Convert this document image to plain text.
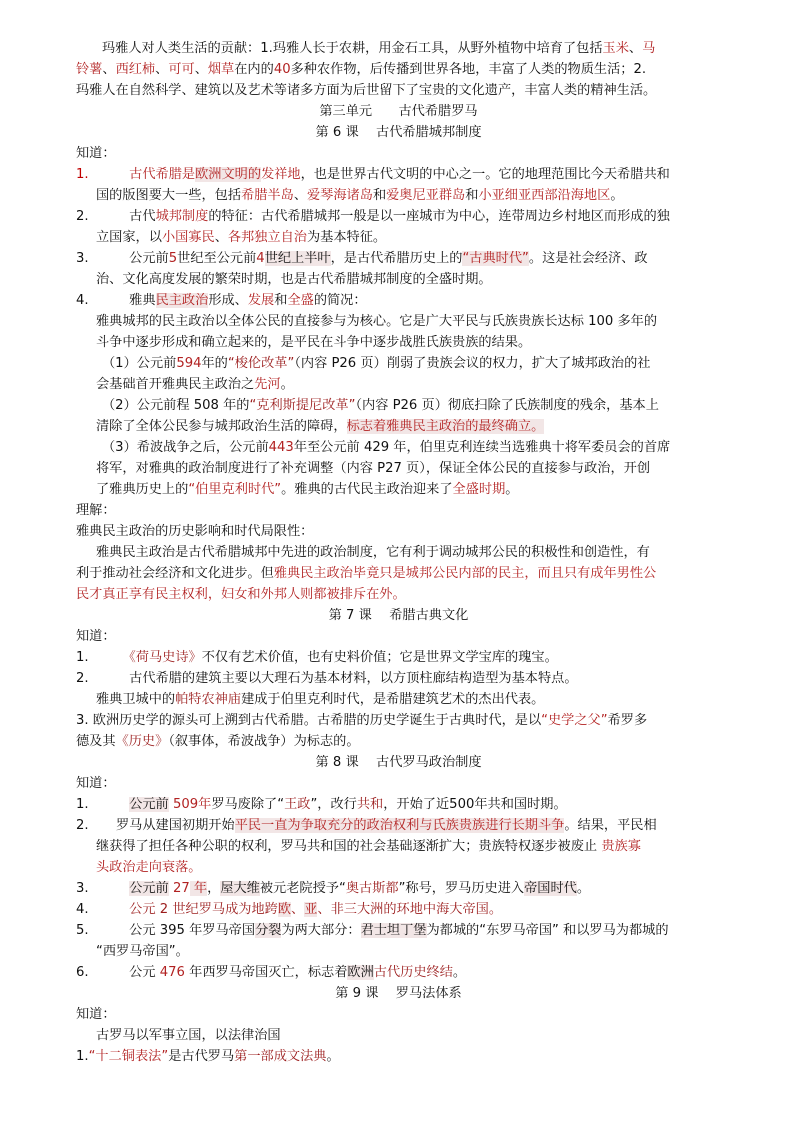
玛雅人对人类生活的贡献：1.玛雅人长于农耕，用金石工具，从野外植物中培育了包括玉米、马
铃薯、西红柿、可可、烟草在内的40多种农作物，后传播到世界各地，丰富了人类的物质生活；2.
玛雅人在自然科学、建筑以及艺术等诸多方面为后世留下了宝贵的文化遗产，丰富人类的精神生活。
第三单元　　古代希腊罗马
第 6 课　 古代希腊城邦制度
知道：
1.　古代希腊是欧洲文明的发祥地，也是世界古代文明的中心之一。它的地理范围比今天希腊共和
国的版图要大一些，包括希腊半岛、爱琴海诸岛和爱奥尼亚群岛和小亚细亚西部沿海地区。
2.　古代城邦制度的特征：古代希腊城邦一般是以一座城市为中心，连带周边乡村地区而形成的独
立国家，以小国寡民、各邦独立自治为基本特征。
3.　公元前5世纪至公元前4世纪上半叶，是古代希腊历史上的“古典时代”。这是社会经济、政
治、文化高度发展的繁荣时期，也是古代希腊城邦制度的全盛时期。
4.　雅典民主政治形成、发展和全盛的简况：
雅典城邦的民主政治以全体公民的直接参与为核心。它是广大平民与氏族贵族长达标 100 多年的
斗争中逐步形成和确立起来的，是平民在斗争中逐步战胜氏族贵族的结果。
（1）公元前594年的“梭伦改革”（内容 P26 页）削弱了贵族会议的权力，扩大了城邦政治的社
会基础首开雅典民主政治之先河。
（2）公元前程 508 年的“克利斯提尼改革”（内容 P26 页）彻底扫除了氏族制度的残余，基本上
清除了全体公民参与城邦政治生活的障碍，标志着雅典民主政治的最终确立。
（3）希波战争之后，公元前443年至公元前 429 年，伯里克利连续当选雅典十将军委员会的首席
将军，对雅典的政治制度进行了补充调整（内容 P27 页），保证全体公民的直接参与政治，开创
了雅典历史上的“伯里克利时代”。雅典的古代民主政治迎来了全盛时期。
理解：
雅典民主政治的历史影响和时代局限性：
雅典民主政治是古代希腊城邦中先进的政治制度，它有利于调动城邦公民的积极性和创造性，有
利于推动社会经济和文化进步。但雅典民主政治毕竟只是城邦公民内部的民主，而且只有成年男性公
民才真正享有民主权利，妇女和外邦人则都被排斥在外。
第 7 课　 希腊古典文化
知道：
1.　	《荷马史诗》不仅有艺术价值，也有史料价值；它是世界文学宝库的瑰宝。
2.　古代希腊的建筑主要以大理石为基本材料，以方顶柱廊结构造型为基本特点。
雅典卫城中的帕特农神庙建成于伯里克利时代，是希腊建筑艺术的杰出代表。
3. 欧洲历史学的源头可上溯到古代希腊。古希腊的历史学诞生于古典时代，是以“史学之父”希罗多
德及其《历史》（叙事体，希波战争）为标志的。
第 8 课　 古代罗马政治制度
知道：
1.　	公元前 509年罗马废除了“王政”，改行共和，开始了近500年共和国时期。
2. 罗马从建国初期开始平民一直为争取充分的政治权利与氏族贵族进行长期斗争。结果，平民相
继获得了担任各种公职的权利，罗马共和国的社会基础逐渐扩大；贵族特权逐步被废止 贵族寡
头政治走向衰落。
3.　	公元前 27 年，屋大维被元老院授予“奥古斯都”称号，罗马历史进入帝国时代。
4.　公元 2 世纪罗马成为地跨欧、亚、非三大洲的环地中海大帝国。
5.　公元 395 年罗马帝国分裂为两大部分：君士坦丁堡为都城的“东罗马帝国” 和以罗马为都城的
“西罗马帝国”。
6.　公元 476 年西罗马帝国灭亡，标志着欧洲古代历史终结。
第 9 课　 罗马法体系
知道：
古罗马以军事立国，以法律治国
1.“十二铜表法”是古代罗马第一部成文法典。
